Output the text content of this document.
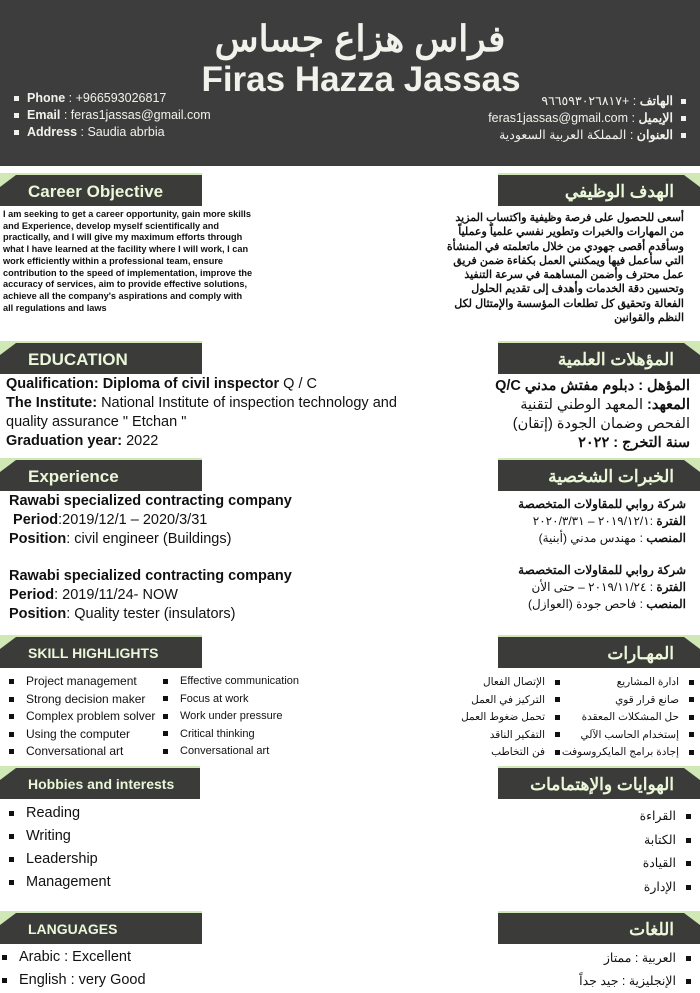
فراس هزاع جساس
Firas Hazza Jassas
Phone : +966593026817
Email : feras1jassas@gmail.com
Address : Saudia abrbia
الهاتف : +٩٦٦٥٩٣٠٢٦٨١٧
الإيميل : feras1jassas@gmail.com
العنوان : المملكة العربية السعودية
Career Objective	الهدف الوظيفي
I am seeking to get a career opportunity, gain more skills and Experience, develop myself scientifically and practically, and I will give my maximum efforts through what I have learned at the facility where I will work, I can work efficiently within a professional team, ensure contribution to the speed of implementation, improve the accuracy of services, aim to provide effective solutions, achieve all the company's aspirations and comply with all regulations and laws
أسعى للحصول على فرصة وظيفية واكتساب المزيد من المهارات والخبرات وتطوير نفسي علمياً وعملياً وسأقدم أقصى جهودي من خلال ماتعلمته في المنشأة التي سأعمل فيها ويمكنني العمل بكفاءة ضمن فريق عمل محترف وأضمن المساهمة في سرعة التنفيذ وتحسين دقة الخدمات وأهدف إلى تقديم الحلول الفعالة وتحقيق كل تطلعات المؤسسة والإمتثال لكل النظم والقوانين
EDUCATION	المؤهلات العلمية
Qualification: Diploma of civil inspector Q / C
The Institute: National Institute of inspection technology and quality assurance " Etchan "
Graduation year: 2022
المؤهل : دبلوم مفتش مدني Q/C
المعهد: المعهد الوطني لتقنية الفحص وضمان الجودة (إتقان)
سنة التخرج : ٢٠٢٢
Experience	الخبرات الشخصية
Rawabi specialized contracting company
Period:2019/12/1 – 2020/3/31
Position: civil engineer (Buildings)
Rawabi specialized contracting company
Period: 2019/11/24- NOW
Position: Quality tester (insulators)
شركة روابي للمقاولات المتخصصة
الفترة :٢٠١٩/١٢/١ – ٢٠٢٠/٣/٣١
المنصب : مهندس مدني (أبنية)
شركة روابي للمقاولات المتخصصة
الفترة : ٢٠١٩/١١/٢٤ – حتى الأن
المنصب : فاحص جودة (العوازل)
SKILL HIGHLIGHTS	المهـارات
Project management
Strong decision maker
Complex problem solver
Using the computer
Conversational art
Effective communication
Focus at work
Work under pressure
Critical thinking
Conversational art
ادارة المشاريع
صانع قرار قوي
حل المشكلات المعقدة
إستخدام الحاسب الآلي
إجادة برامج المايكروسوفت
الإتصال الفعال
التركيز في العمل
تحمل ضغوط العمل
التفكير الناقد
فن التخاطب
Hobbies and interests	الهوايات والإهتمامات
Reading
Writing
Leadership
Management
القراءة
الكتابة
القيادة
الإدارة
LANGUAGES	اللغات
Arabic : Excellent
English : very Good
العربية : ممتاز
الإنجليزية : جيد جداً
